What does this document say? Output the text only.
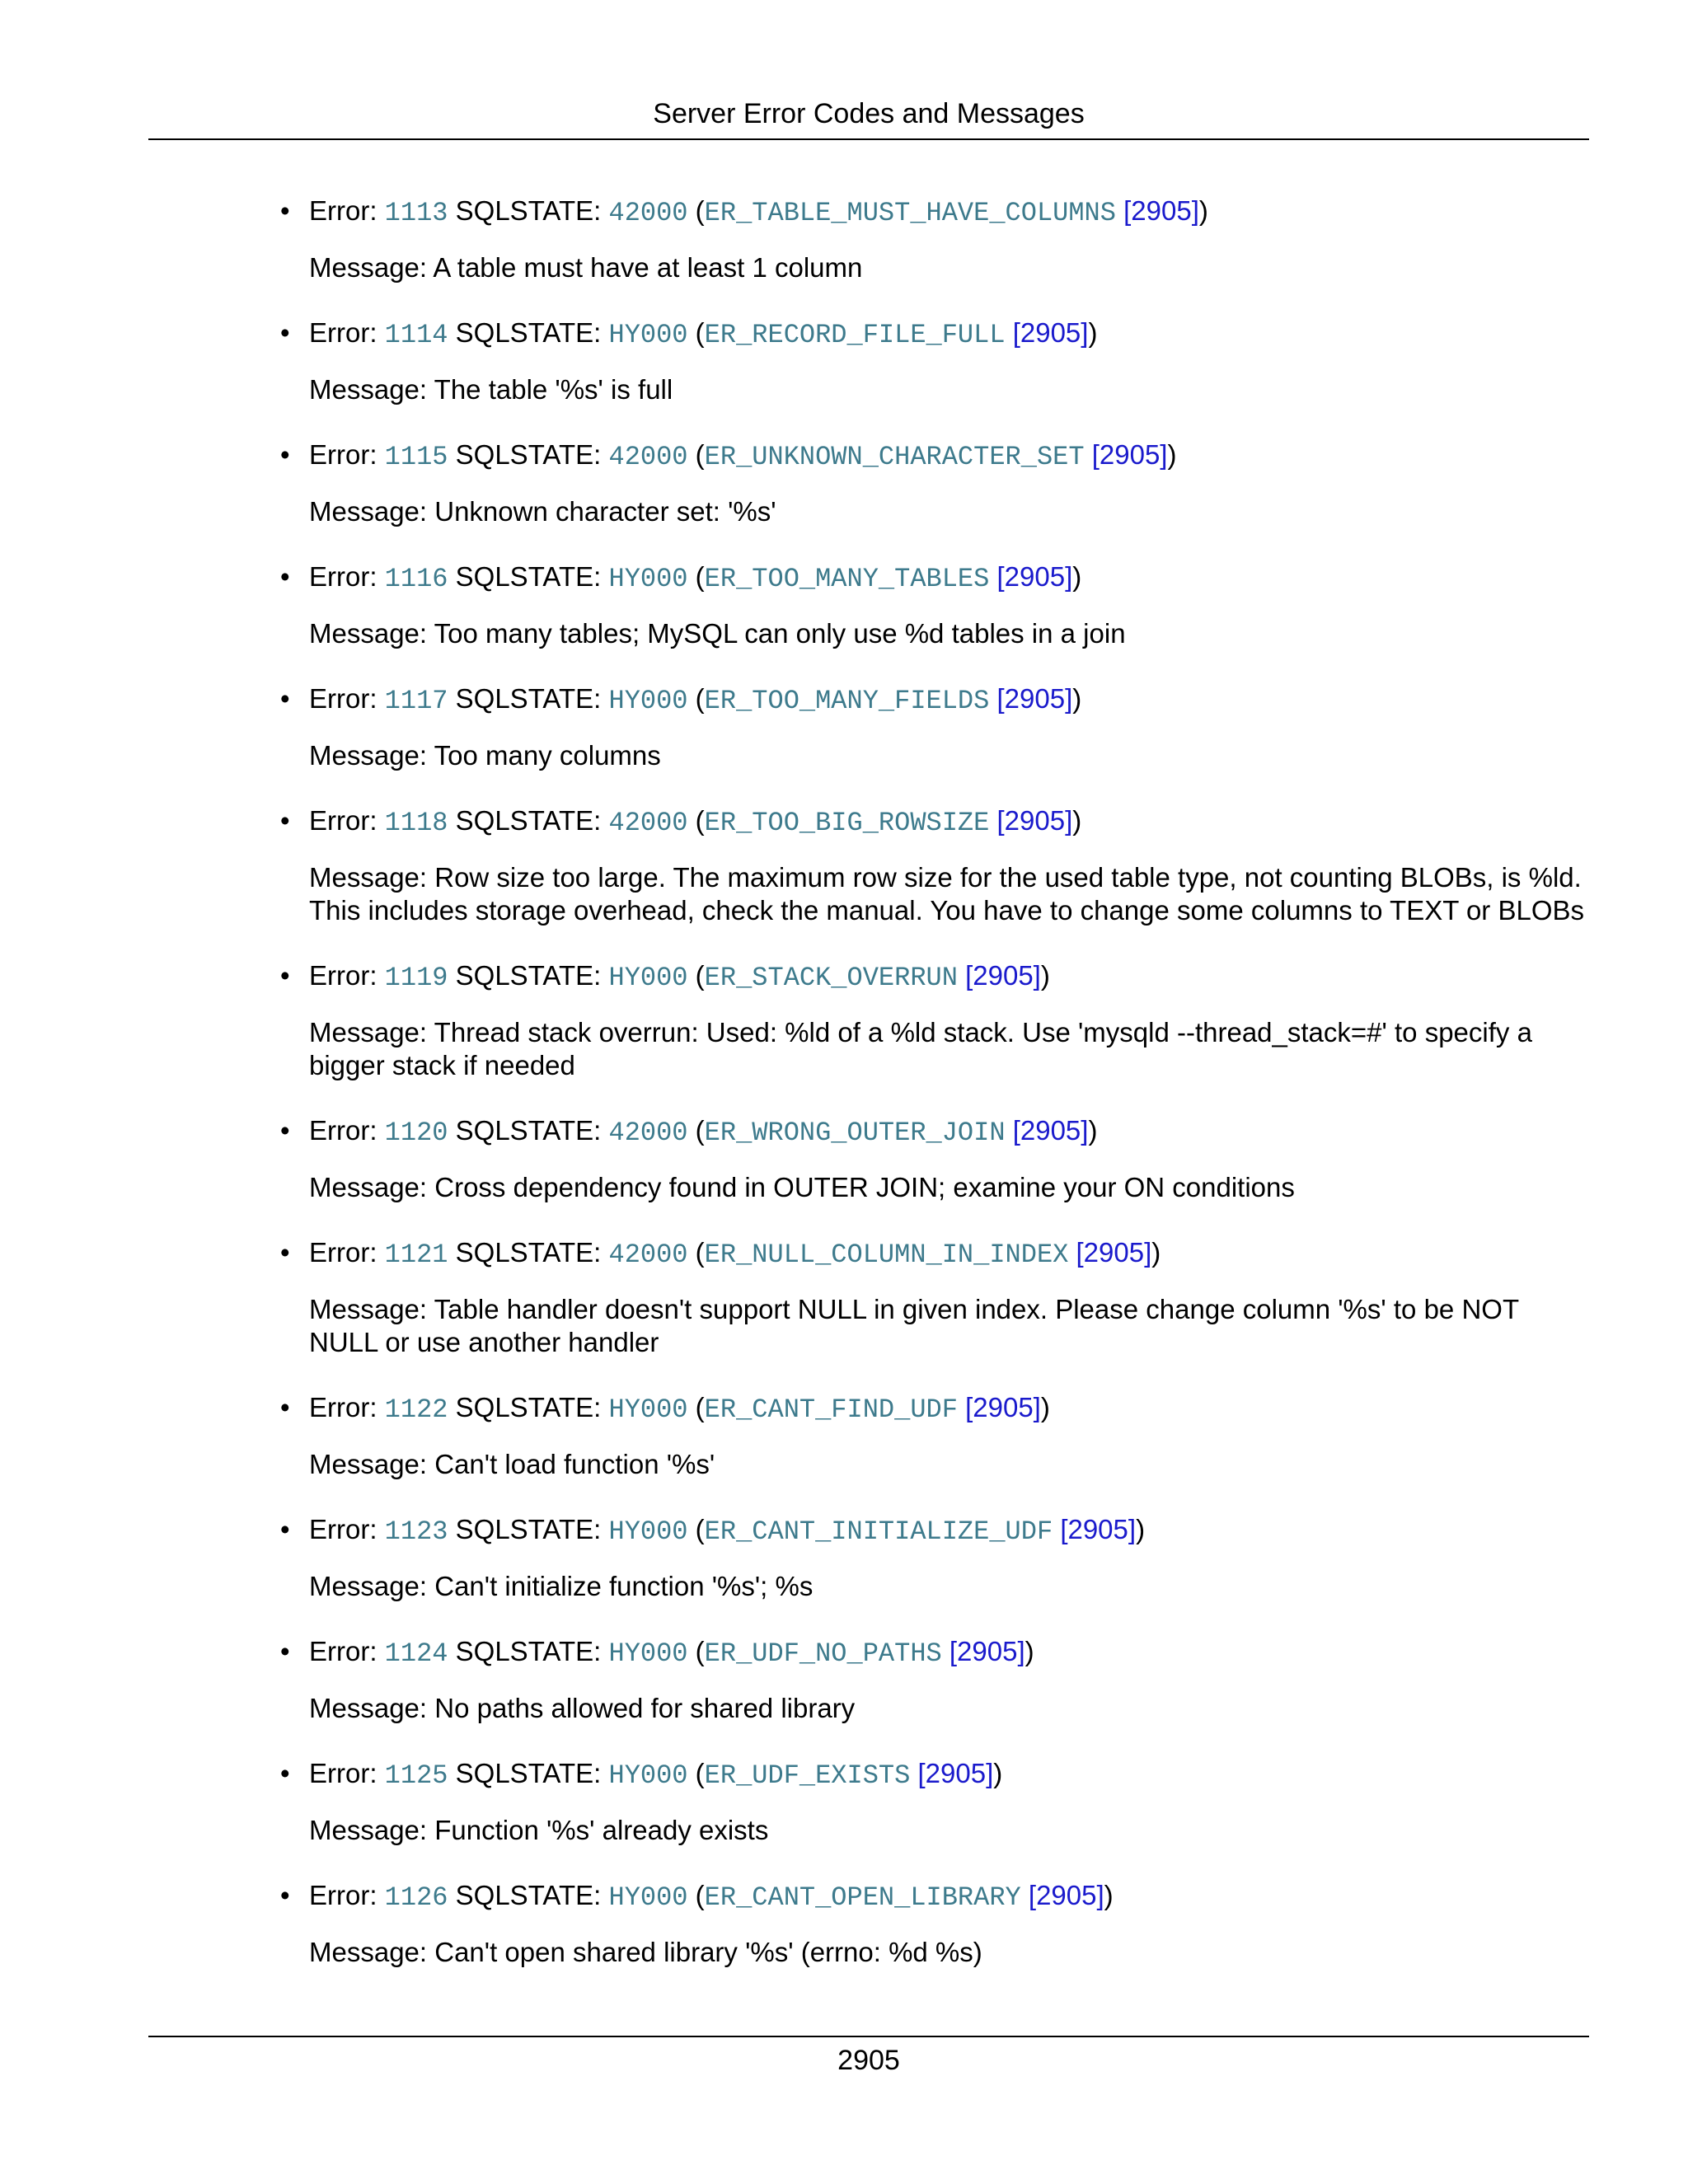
Server Error Codes and Messages
• Error: 1113 SQLSTATE: 42000 (ER_TABLE_MUST_HAVE_COLUMNS [2905])
Message: A table must have at least 1 column
• Error: 1114 SQLSTATE: HY000 (ER_RECORD_FILE_FULL [2905])
Message: The table '%s' is full
• Error: 1115 SQLSTATE: 42000 (ER_UNKNOWN_CHARACTER_SET [2905])
Message: Unknown character set: '%s'
• Error: 1116 SQLSTATE: HY000 (ER_TOO_MANY_TABLES [2905])
Message: Too many tables; MySQL can only use %d tables in a join
• Error: 1117 SQLSTATE: HY000 (ER_TOO_MANY_FIELDS [2905])
Message: Too many columns
• Error: 1118 SQLSTATE: 42000 (ER_TOO_BIG_ROWSIZE [2905])
Message: Row size too large. The maximum row size for the used table type, not counting BLOBs, is %ld. This includes storage overhead, check the manual. You have to change some columns to TEXT or BLOBs
• Error: 1119 SQLSTATE: HY000 (ER_STACK_OVERRUN [2905])
Message: Thread stack overrun: Used: %ld of a %ld stack. Use 'mysqld --thread_stack=#' to specify a bigger stack if needed
• Error: 1120 SQLSTATE: 42000 (ER_WRONG_OUTER_JOIN [2905])
Message: Cross dependency found in OUTER JOIN; examine your ON conditions
• Error: 1121 SQLSTATE: 42000 (ER_NULL_COLUMN_IN_INDEX [2905])
Message: Table handler doesn't support NULL in given index. Please change column '%s' to be NOT NULL or use another handler
• Error: 1122 SQLSTATE: HY000 (ER_CANT_FIND_UDF [2905])
Message: Can't load function '%s'
• Error: 1123 SQLSTATE: HY000 (ER_CANT_INITIALIZE_UDF [2905])
Message: Can't initialize function '%s'; %s
• Error: 1124 SQLSTATE: HY000 (ER_UDF_NO_PATHS [2905])
Message: No paths allowed for shared library
• Error: 1125 SQLSTATE: HY000 (ER_UDF_EXISTS [2905])
Message: Function '%s' already exists
• Error: 1126 SQLSTATE: HY000 (ER_CANT_OPEN_LIBRARY [2905])
Message: Can't open shared library '%s' (errno: %d %s)
2905
